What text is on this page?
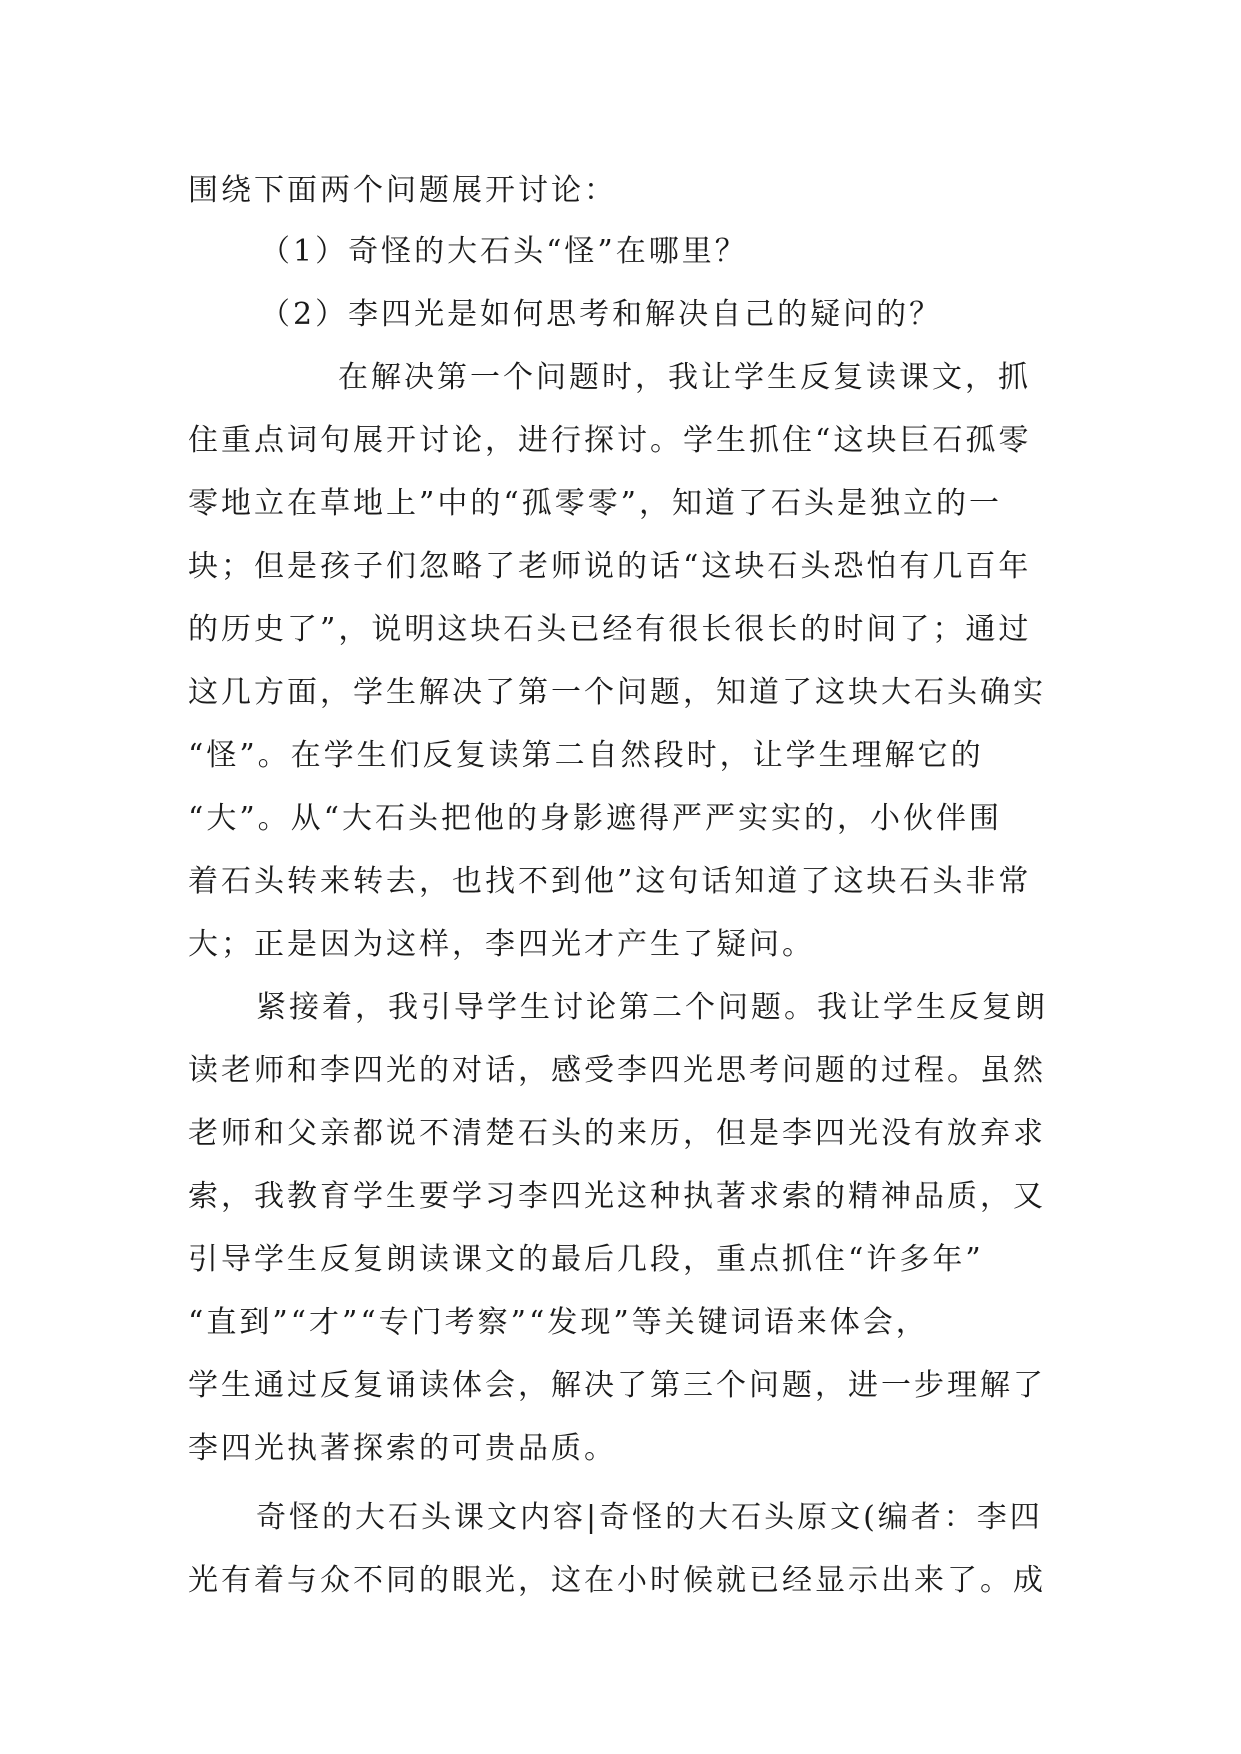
围绕下面两个问题展开讨论：
（1）奇怪的大石头“怪”在哪里？
（2）李四光是如何思考和解决自己的疑问的？
在解决第一个问题时，我让学生反复读课文，抓
住重点词句展开讨论，进行探讨。学生抓住“这块巨石孤零
零地立在草地上”中的“孤零零”，知道了石头是独立的一
块；但是孩子们忽略了老师说的话“这块石头恐怕有几百年
的历史了”，说明这块石头已经有很长很长的时间了；通过
这几方面，学生解决了第一个问题，知道了这块大石头确实
“怪”。在学生们反复读第二自然段时，让学生理解它的
“大”。从“大石头把他的身影遮得严严实实的，小伙伴围
着石头转来转去，也找不到他”这句话知道了这块石头非常
大；正是因为这样，李四光才产生了疑问。
紧接着，我引导学生讨论第二个问题。我让学生反复朗
读老师和李四光的对话，感受李四光思考问题的过程。虽然
老师和父亲都说不清楚石头的来历，但是李四光没有放弃求
索，我教育学生要学习李四光这种执著求索的精神品质，又
引导学生反复朗读课文的最后几段，重点抓住“许多年”
“直到”“才”“专门考察”“发现”等关键词语来体会，
学生通过反复诵读体会，解决了第三个问题，进一步理解了
李四光执著探索的可贵品质。
奇怪的大石头课文内容|奇怪的大石头原文(编者：李四
光有着与众不同的眼光，这在小时候就已经显示出来了。成
